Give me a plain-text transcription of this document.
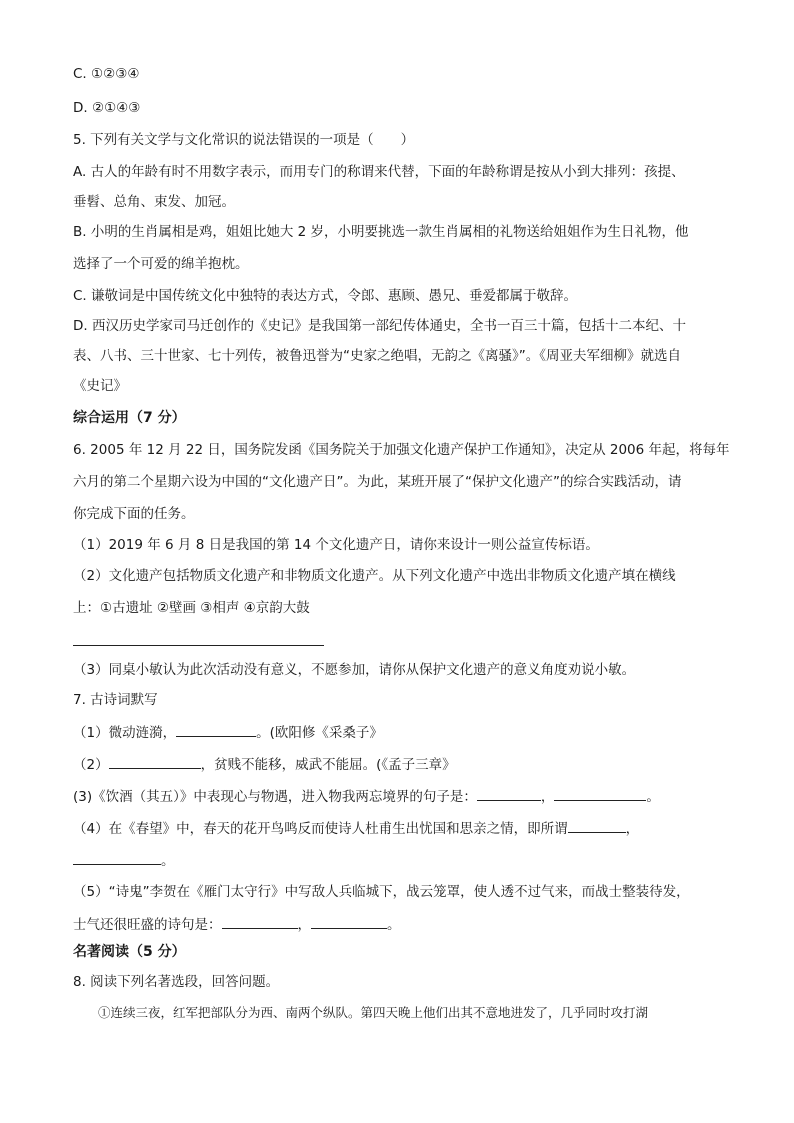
C. ①②③④
D. ②①④③
5. 下列有关文学与文化常识的说法错误的一项是（　　）
A. 古人的年龄有时不用数字表示，而用专门的称谓来代替，下面的年龄称谓是按从小到大排列：孩提、
垂髫、总角、束发、加冠。
B. 小明的生肖属相是鸡，姐姐比她大 2 岁，小明要挑选一款生肖属相的礼物送给姐姐作为生日礼物，他
选择了一个可爱的绵羊抱枕。
C. 谦敬词是中国传统文化中独特的表达方式，令郎、惠顾、愚兄、垂爱都属于敬辞。
D. 西汉历史学家司马迁创作的《史记》是我国第一部纪传体通史，全书一百三十篇，包括十二本纪、十
表、八书、三十世家、七十列传，被鲁迅誉为“史家之绝唱，无韵之《离骚》”。《周亚夫军细柳》就选自
《史记》
综合运用（7 分）
6. 2005 年 12 月 22 日，国务院发函《国务院关于加强文化遗产保护工作通知》，决定从 2006 年起，将每年
六月的第二个星期六设为中国的“文化遗产日”。为此，某班开展了“保护文化遗产”的综合实践活动，请
你完成下面的任务。
（1）2019 年 6 月 8 日是我国的第 14 个文化遗产日，请你来设计一则公益宣传标语。
（2）文化遗产包括物质文化遗产和非物质文化遗产。从下列文化遗产中选出非物质文化遗产填在横线
上：①古遗址 ②壁画 ③相声 ④京韵大鼓
（3）同桌小敏认为此次活动没有意义，不愿参加，请你从保护文化遗产的意义角度劝说小敏。
7. 古诗词默写
（1）微动涟漪，	。(欧阳修《采桑子》
（2）	，贫贱不能移，威武不能屈。(《孟子三章》
(3)《饮酒（其五）》中表现心与物遇，进入物我两忘境界的句子是：	，	。
（4）在《春望》中，春天的花开鸟鸣反而使诗人杜甫生出忧国和思亲之情，即所谓	，
。
（5）“诗鬼”李贺在《雁门太守行》中写敌人兵临城下，战云笼罩，使人透不过气来，而战士整装待发，
士气还很旺盛的诗句是：	，	。
名著阅读（5 分）
8. 阅读下列名著选段，回答问题。
①连续三夜，红军把部队分为西、南两个纵队。第四天晚上他们出其不意地进发了，几乎同时攻打湖
